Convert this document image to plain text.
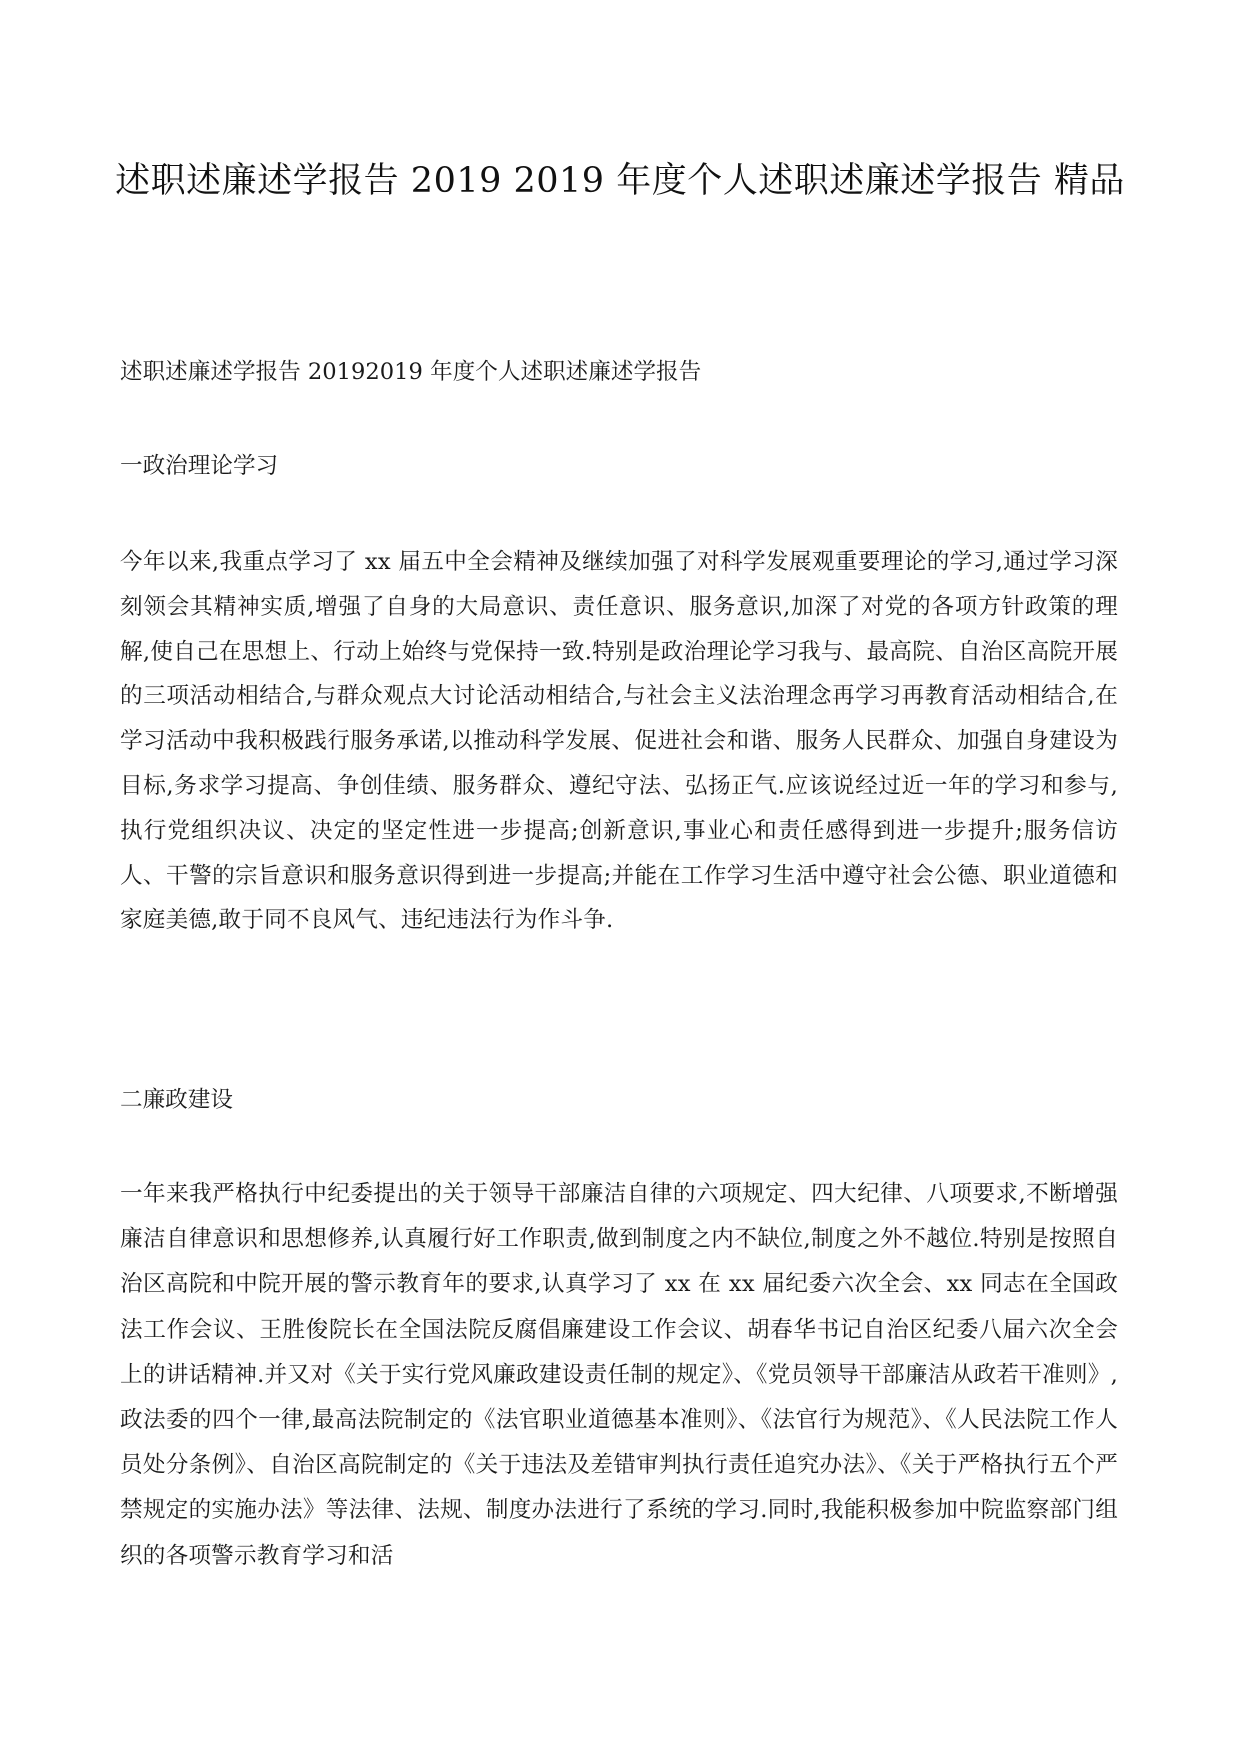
述职述廉述学报告 2019 2019 年度个人述职述廉述学报告 精品

述职述廉述学报告 20192019 年度个人述职述廉述学报告

一政治理论学习

今年以来,我重点学习了 xx 届五中全会精神及继续加强了对科学发展观重要理论的学习,通过学习深刻领会其精神实质,增强了自身的大局意识、责任意识、服务意识,加深了对党的各项方针政策的理解,使自己在思想上、行动上始终与党保持一致.特别是政治理论学习我与、最高院、自治区高院开展的三项活动相结合,与群众观点大讨论活动相结合,与社会主义法治理念再学习再教育活动相结合,在学习活动中我积极践行服务承诺,以推动科学发展、促进社会和谐、服务人民群众、加强自身建设为目标,务求学习提高、争创佳绩、服务群众、遵纪守法、弘扬正气.应该说经过近一年的学习和参与,执行党组织决议、决定的坚定性进一步提高;创新意识,事业心和责任感得到进一步提升;服务信访人、干警的宗旨意识和服务意识得到进一步提高;并能在工作学习生活中遵守社会公德、职业道德和家庭美德,敢于同不良风气、违纪违法行为作斗争.

二廉政建设

一年来我严格执行中纪委提出的关于领导干部廉洁自律的六项规定、四大纪律、八项要求,不断增强廉洁自律意识和思想修养,认真履行好工作职责,做到制度之内不缺位,制度之外不越位.特别是按照自治区高院和中院开展的警示教育年的要求,认真学习了 xx 在 xx 届纪委六次全会、xx 同志在全国政法工作会议、王胜俊院长在全国法院反腐倡廉建设工作会议、胡春华书记自治区纪委八届六次全会上的讲话精神.并又对《关于实行党风廉政建设责任制的规定》、《党员领导干部廉洁从政若干准则》,政法委的四个一律,最高法院制定的《法官职业道德基本准则》、《法官行为规范》、《人民法院工作人员处分条例》、自治区高院制定的《关于违法及差错审判执行责任追究办法》、《关于严格执行五个严禁规定的实施办法》等法律、法规、制度办法进行了系统的学习.同时,我能积极参加中院监察部门组织的各项警示教育学习和活
